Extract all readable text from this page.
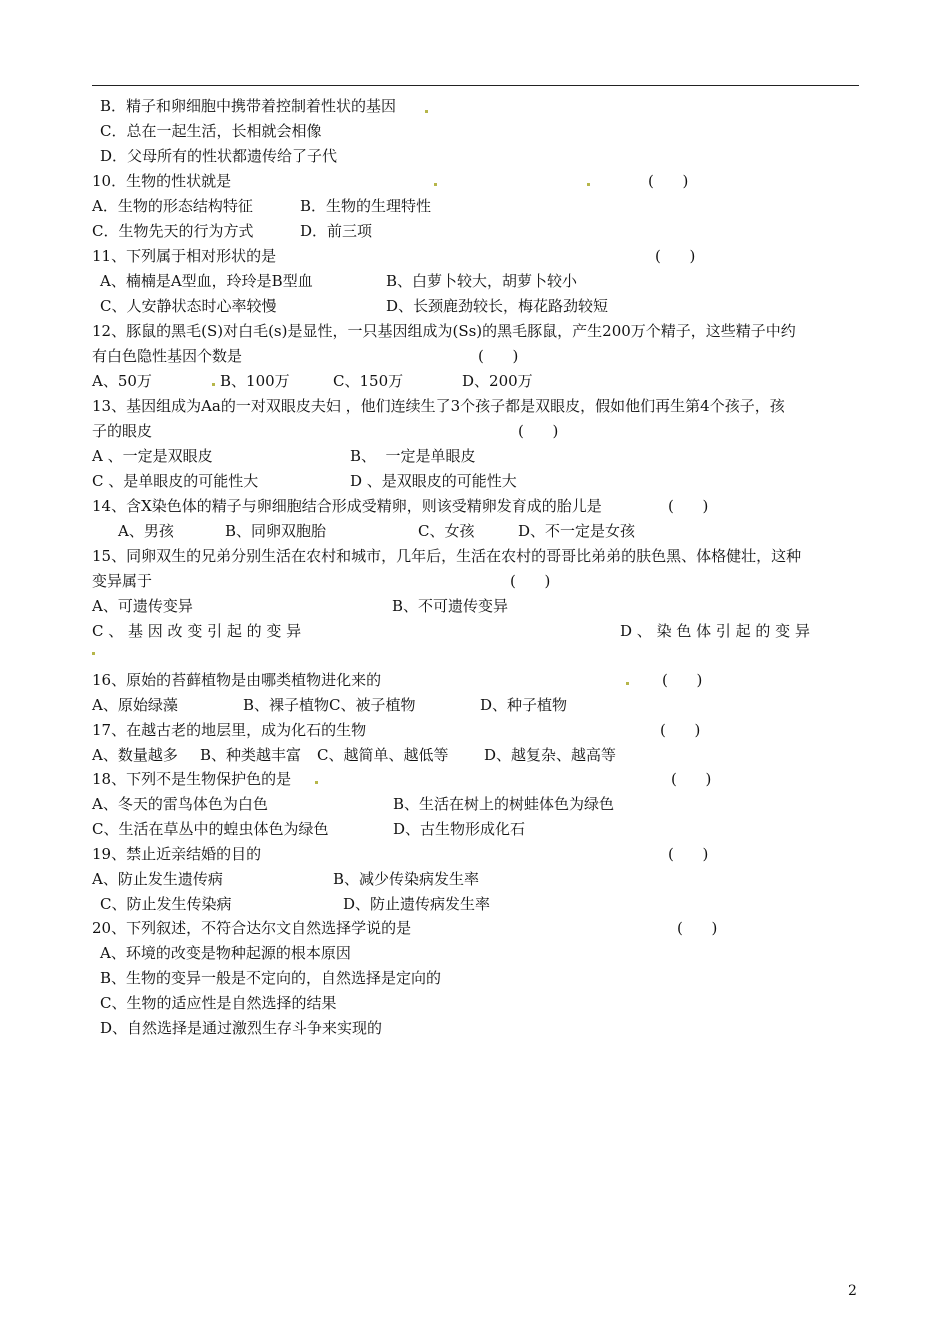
B．精子和卵细胞中携带着控制着性状的基因
C．总在一起生活，长相就会相像
D．父母所有的性状都遗传给了子代
10．生物的性状就是	(      )
A．生物的形态结构特征	B．生物的生理特性
C．生物先天的行为方式	D．前三项
11、下列属于相对形状的是	(      )
A、楠楠是A型血，玲玲是B型血	B、白萝卜较大，胡萝卜较小
C、人安静状态时心率较慢	D、长颈鹿劲较长，梅花路劲较短
12、豚鼠的黑毛(S)对白毛(s)是显性，一只基因组成为(Ss)的黑毛豚鼠，产生200万个精子，这些精子中约
有白色隐性基因个数是	(      )
A、50万	B、100万	C、150万	D、200万
13、基因组成为Aa的一对双眼皮夫妇 ，他们连续生了3个孩子都是双眼皮，假如他们再生第4个孩子，孩
子的眼皮	(      )
A 、一定是双眼皮	B、  一定是单眼皮
C 、是单眼皮的可能性大	D 、是双眼皮的可能性大
14、含X染色体的精子与卵细胞结合形成受精卵，则该受精卵发育成的胎儿是	(      )
A、男孩	B、同卵双胞胎	C、女孩	D、不一定是女孩
15、同卵双生的兄弟分别生活在农村和城市，几年后，生活在农村的哥哥比弟弟的肤色黑、体格健壮，这种
变异属于	(      )
A、可遗传变异	B、不可遗传变异
C 、 基 因 改 变 引 起 的 变 异	D 、 染 色 体 引 起 的 变 异
16、原始的苔藓植物是由哪类植物进化来的	(      )
A、原始绿藻	B、裸子植物C、被子植物	D、种子植物
17、在越古老的地层里，成为化石的生物	(      )
A、数量越多 B、种类越丰富 C、越简单、越低等 D、越复杂、越高等
18、下列不是生物保护色的是	(      )
A、冬天的雷鸟体色为白色	B、生活在树上的树蛙体色为绿色
C、生活在草丛中的蝗虫体色为绿色	D、古生物形成化石
19、禁止近亲结婚的目的	(      )
A、防止发生遗传病	B、减少传染病发生率
C、防止发生传染病	D、防止遗传病发生率
20、下列叙述，不符合达尔文自然选择学说的是	(      )
A、环境的改变是物种起源的根本原因
B、生物的变异一般是不定向的，自然选择是定向的
C、生物的适应性是自然选择的结果
D、自然选择是通过激烈生存斗争来实现的
2
